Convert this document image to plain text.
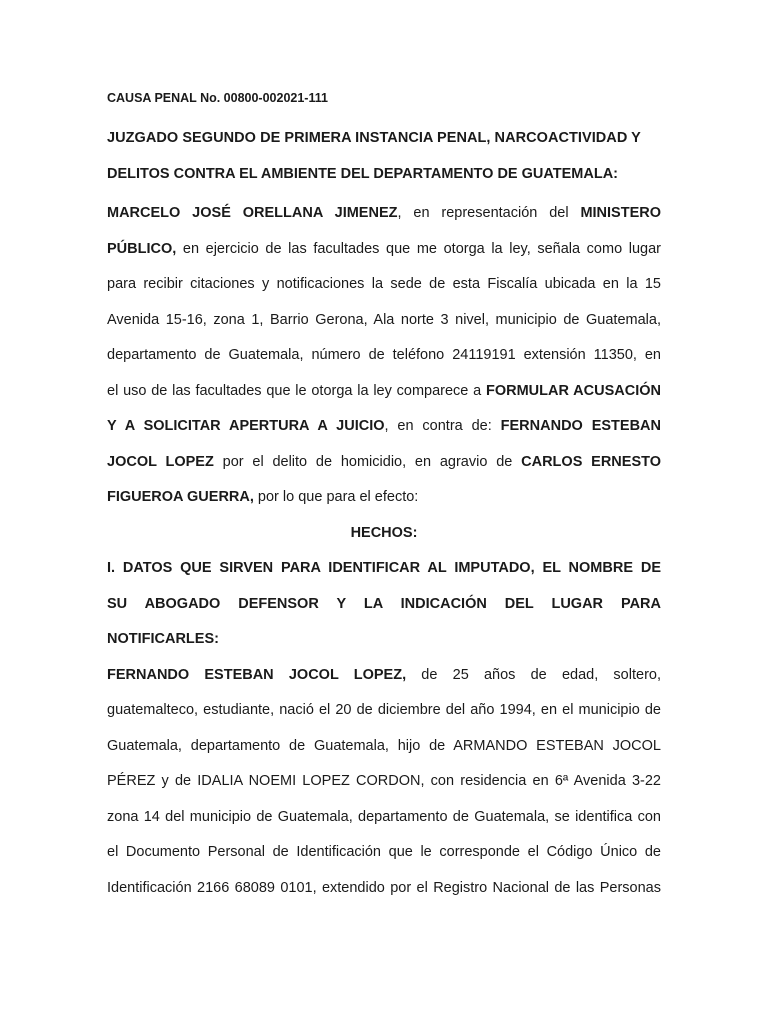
CAUSA PENAL No. 00800-002021-111
JUZGADO SEGUNDO DE PRIMERA INSTANCIA PENAL, NARCOACTIVIDAD Y
DELITOS CONTRA EL AMBIENTE DEL DEPARTAMENTO DE GUATEMALA:
MARCELO JOSÉ ORELLANA JIMENEZ, en representación del MINISTERO
PÚBLICO, en ejercicio de las facultades que me otorga la ley, señala como lugar
para recibir citaciones y notificaciones la sede de esta Fiscalía ubicada en la 15
Avenida 15-16, zona 1, Barrio Gerona, Ala norte 3 nivel, municipio de Guatemala,
departamento de Guatemala, número de teléfono 24119191 extensión 11350, en
el uso de las facultades que le otorga la ley comparece a FORMULAR ACUSACIÓN
Y A SOLICITAR APERTURA A JUICIO, en contra de: FERNANDO ESTEBAN
JOCOL LOPEZ por el delito de homicidio, en agravio de CARLOS ERNESTO
FIGUEROA GUERRA, por lo que para el efecto:
HECHOS:
I. DATOS QUE SIRVEN PARA IDENTIFICAR AL IMPUTADO, EL NOMBRE DE
SU ABOGADO DEFENSOR Y LA INDICACIÓN DEL LUGAR PARA
NOTIFICARLES:
FERNANDO ESTEBAN JOCOL LOPEZ, de 25 años de edad, soltero,
guatemalteco, estudiante, nació el 20 de diciembre del año 1994, en el municipio de
Guatemala, departamento de Guatemala, hijo de ARMANDO ESTEBAN JOCOL
PÉREZ y de IDALIA NOEMI LOPEZ CORDON, con residencia en 6ª Avenida 3-22
zona 14 del municipio de Guatemala, departamento de Guatemala, se identifica con
el Documento Personal de Identificación que le corresponde el Código Único de
Identificación 2166 68089 0101, extendido por el Registro Nacional de las Personas
